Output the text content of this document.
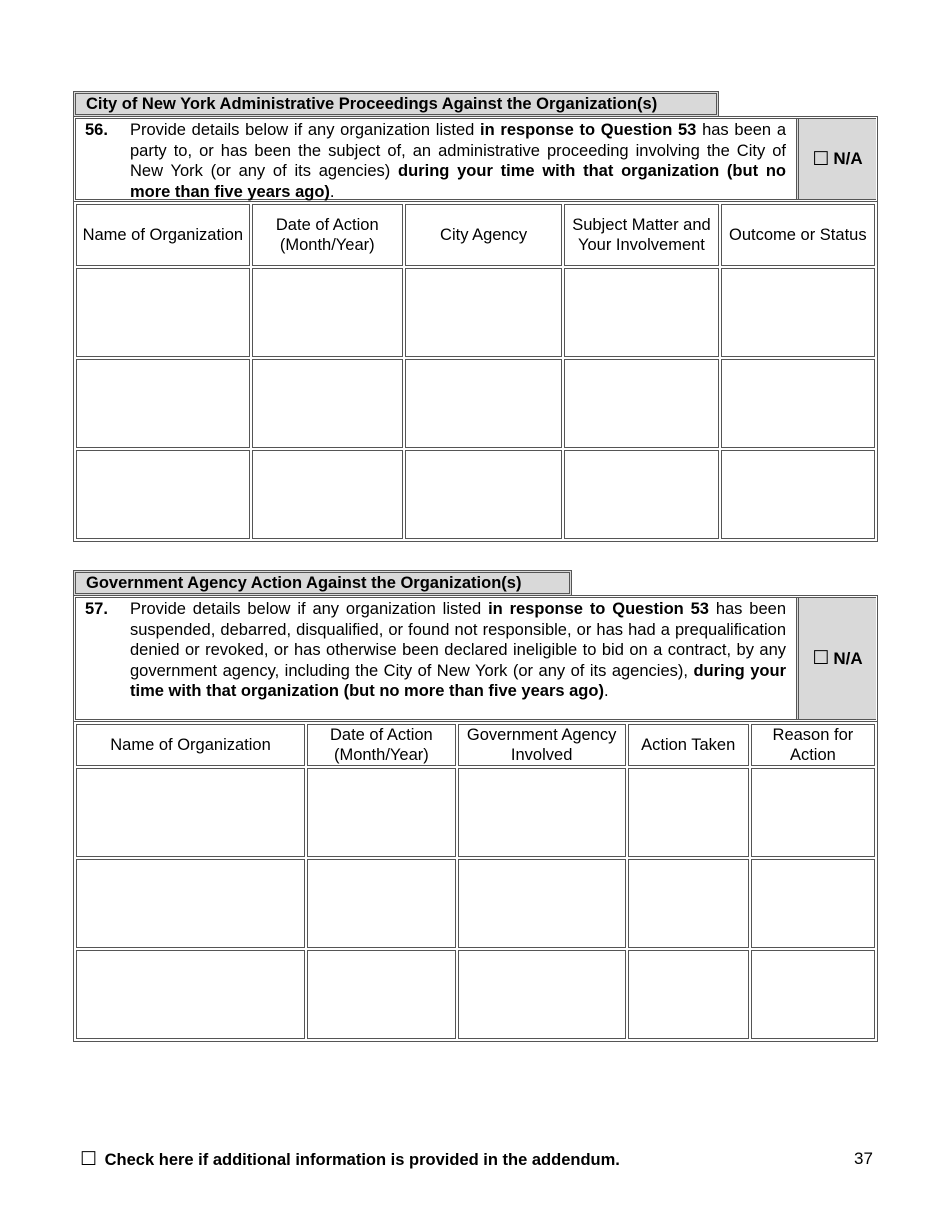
City of New York Administrative Proceedings Against the Organization(s)
56. Provide details below if any organization listed in response to Question 53 has been a party to, or has been the subject of, an administrative proceeding involving the City of New York (or any of its agencies) during your time with that organization (but no more than five years ago).
☐ N/A
Name of Organization	Date of Action (Month/Year)	City Agency	Subject Matter and Your Involvement	Outcome or Status

Government Agency Action Against the Organization(s)
57. Provide details below if any organization listed in response to Question 53 has been suspended, debarred, disqualified, or found not responsible, or has had a prequalification denied or revoked, or has otherwise been declared ineligible to bid on a contract, by any government agency, including the City of New York (or any of its agencies), during your time with that organization (but no more than five years ago).
☐ N/A
Name of Organization	Date of Action (Month/Year)	Government Agency Involved	Action Taken	Reason for Action

☐ Check here if additional information is provided in the addendum.	37
